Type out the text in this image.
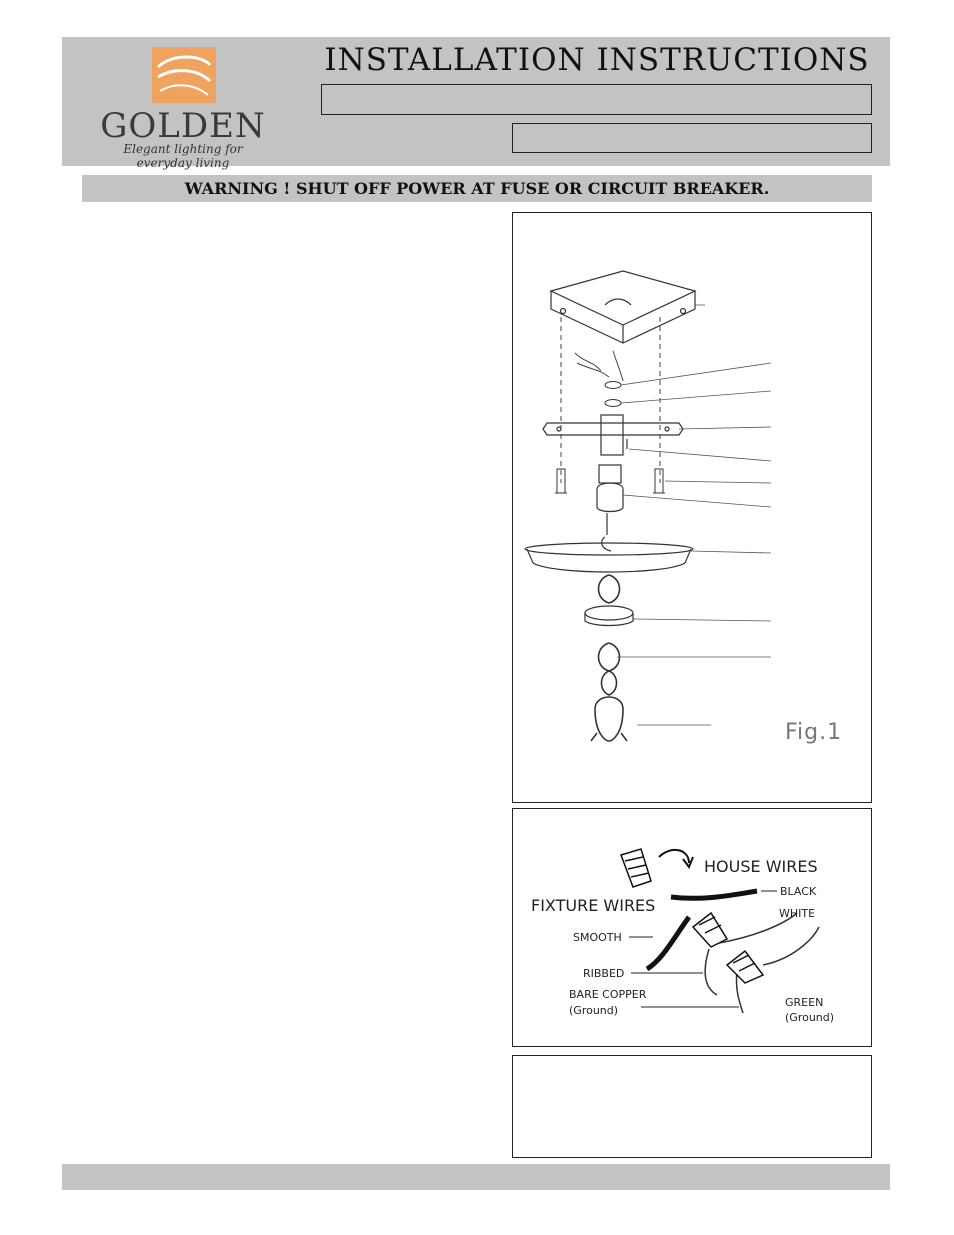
GOLDEN
Elegant lighting for everyday living
INSTALLATION INSTRUCTIONS
WARNING ! SHUT OFF POWER AT FUSE OR CIRCUIT BREAKER.
Fig.1
HOUSE WIRES
FIXTURE WIRES
BLACK
WHITE
SMOOTH
RIBBED
BARE COPPER
(Ground)
GREEN
(Ground)
